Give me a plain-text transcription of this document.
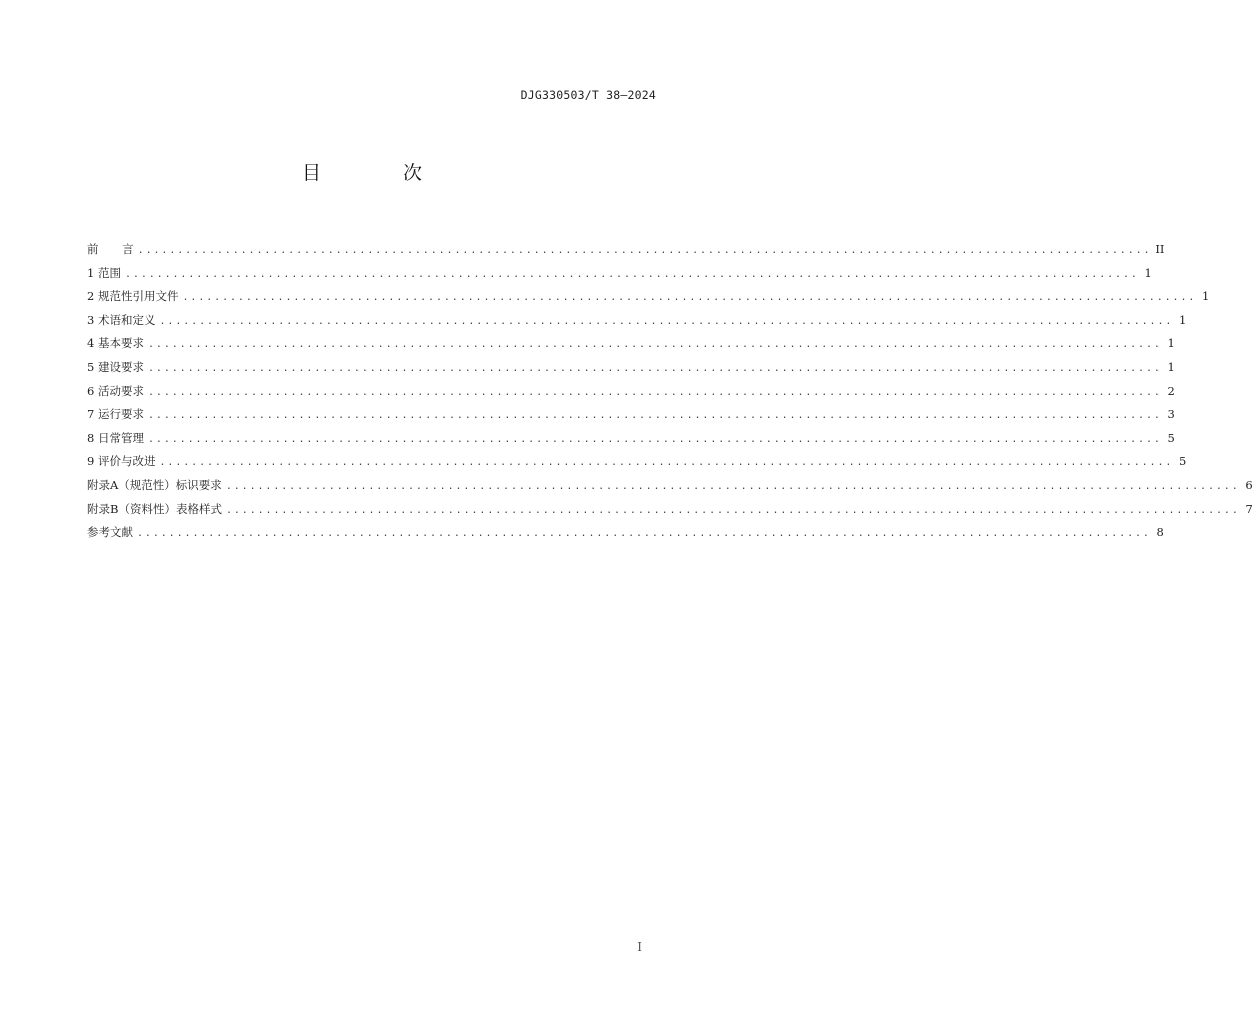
DJG330503/T 38—2024
目 次
前 言 ................................................................................................................................ II
1 范围 ................................................................................................................................ 1
2 规范性引用文件 ................................................................................................................................ 1
3 术语和定义 ................................................................................................................................ 1
4 基本要求 ................................................................................................................................ 1
5 建设要求 ................................................................................................................................ 1
6 活动要求 ................................................................................................................................ 2
7 运行要求 ................................................................................................................................ 3
8 日常管理 ................................................................................................................................ 5
9 评价与改进 ................................................................................................................................ 5
附录A（规范性）标识要求 ................................................................................................................................ 6
附录B（资料性）表格样式 ................................................................................................................................ 7
参考文献 ................................................................................................................................ 8
I
